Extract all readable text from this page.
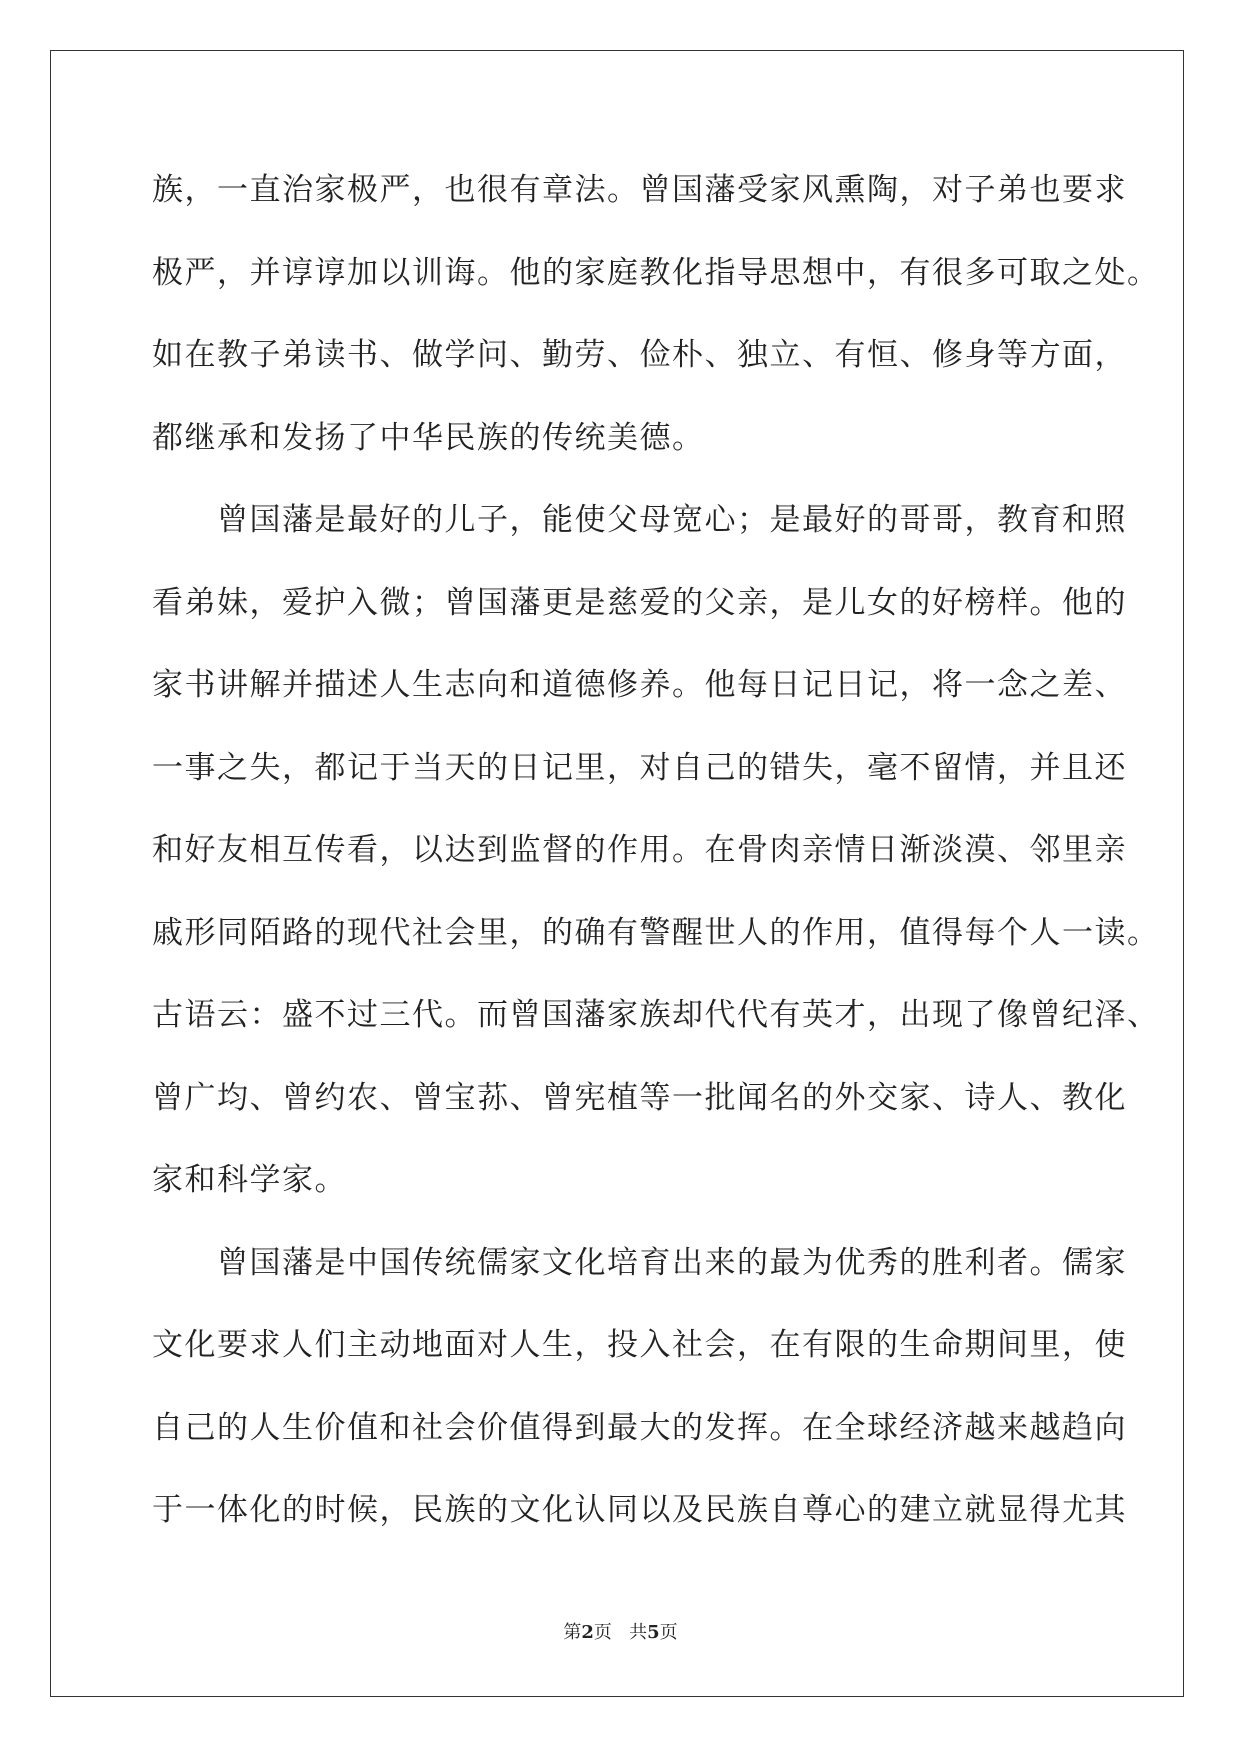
族，一直治家极严，也很有章法。曾国藩受家风熏陶，对子弟也要求
极严，并谆谆加以训诲。他的家庭教化指导思想中，有很多可取之处。
如在教子弟读书、做学问、勤劳、俭朴、独立、有恒、修身等方面，
都继承和发扬了中华民族的传统美德。
　　曾国藩是最好的儿子，能使父母宽心；是最好的哥哥，教育和照
看弟妹，爱护入微；曾国藩更是慈爱的父亲，是儿女的好榜样。他的
家书讲解并描述人生志向和道德修养。他每日记日记，将一念之差、
一事之失，都记于当天的日记里，对自己的错失，毫不留情，并且还
和好友相互传看，以达到监督的作用。在骨肉亲情日渐淡漠、邻里亲
戚形同陌路的现代社会里，的确有警醒世人的作用，值得每个人一读。
古语云：盛不过三代。而曾国藩家族却代代有英才，出现了像曾纪泽、
曾广均、曾约农、曾宝荪、曾宪植等一批闻名的外交家、诗人、教化
家和科学家。
　　曾国藩是中国传统儒家文化培育出来的最为优秀的胜利者。儒家
文化要求人们主动地面对人生，投入社会，在有限的生命期间里，使
自己的人生价值和社会价值得到最大的发挥。在全球经济越来越趋向
于一体化的时候，民族的文化认同以及民族自尊心的建立就显得尤其
第2页 共5页
